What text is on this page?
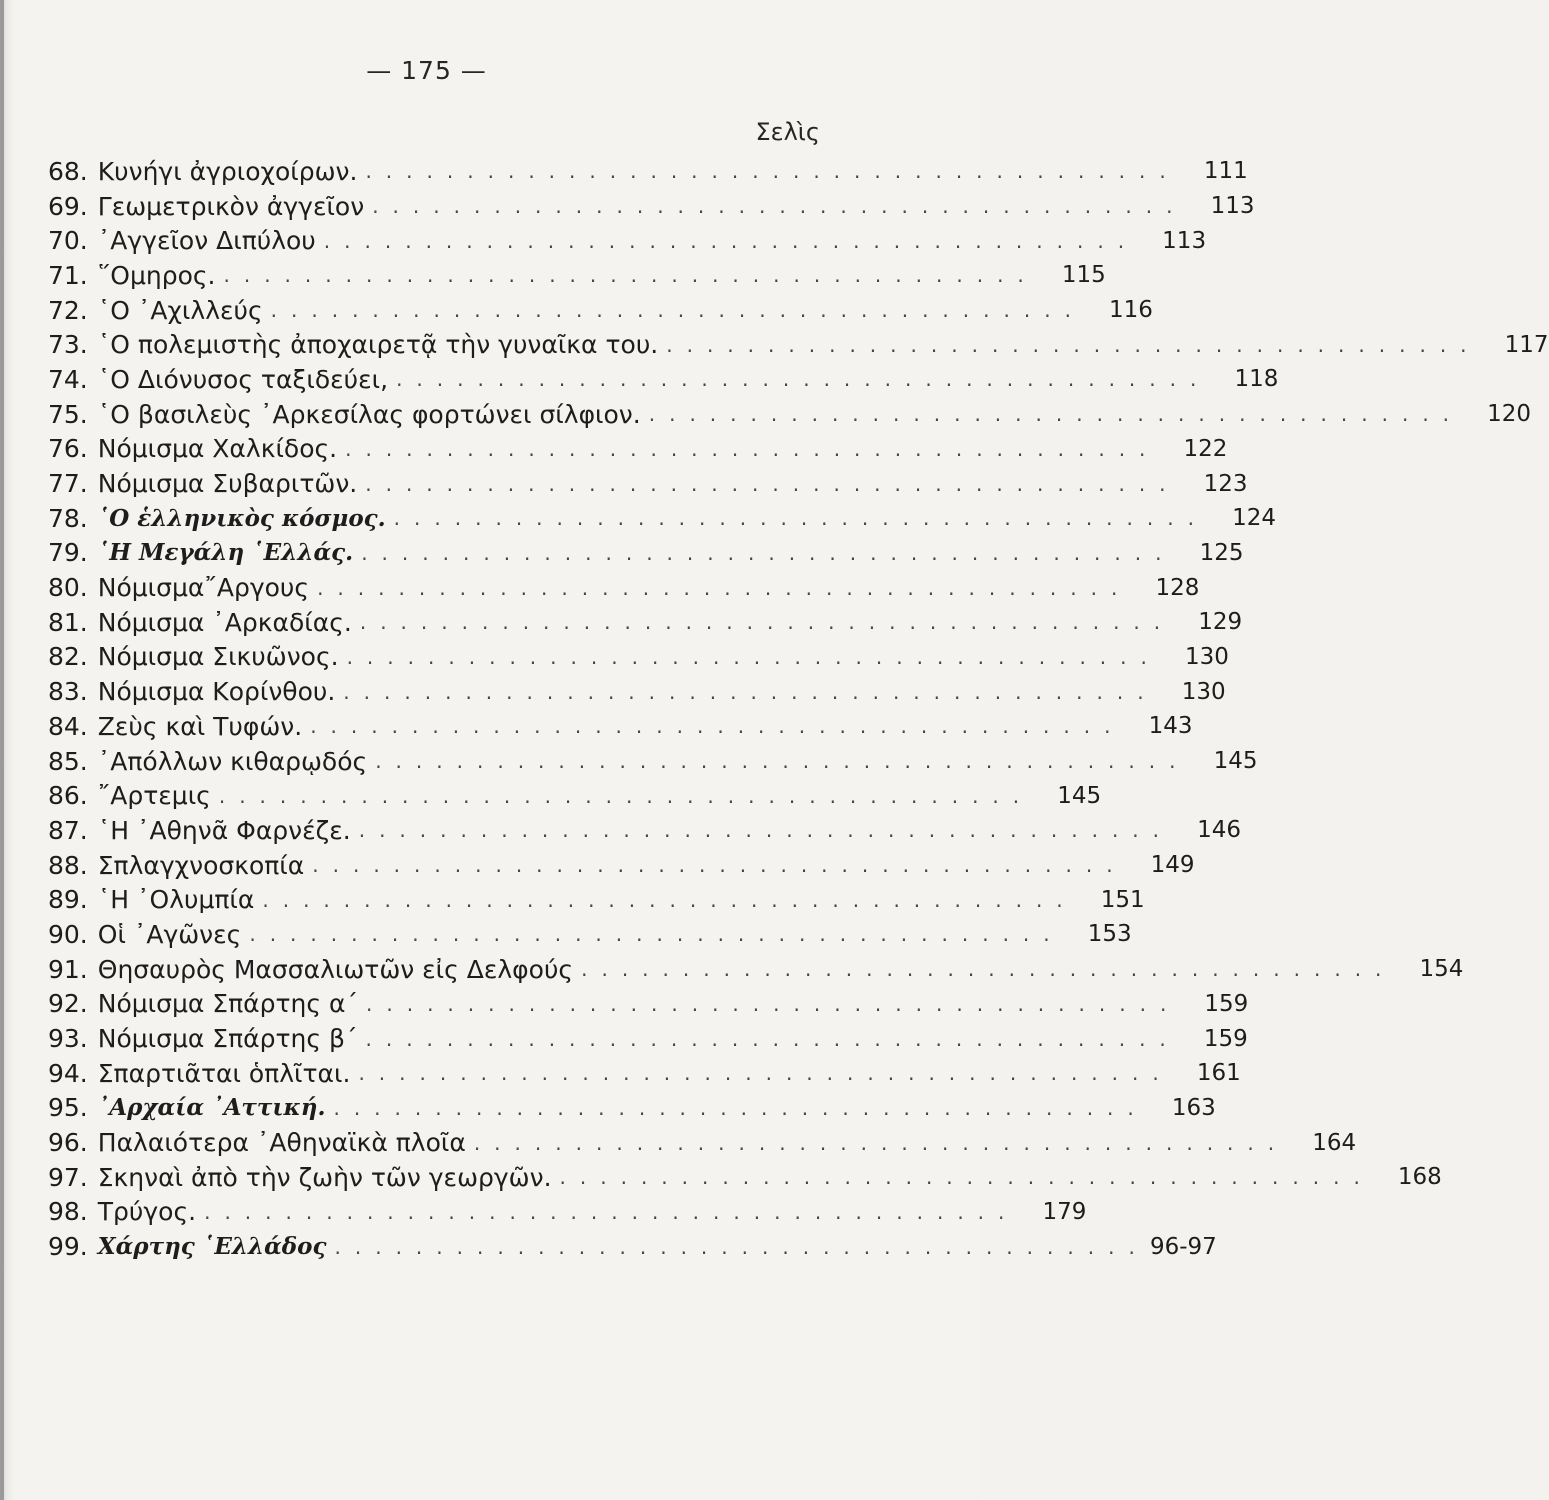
— 175 —
Σελὶς
68. Κυνήγι ἀγριοχοίρων. ........................................	111
69. Γεωμετρικὸν ἀγγεῖον ........................................	113
70. ᾿Αγγεῖον Διπύλου ........................................	113
71. ῞Ομηρος. ........................................	115
72. ῾Ο ᾿Αχιλλεύς ........................................	116
73. ῾Ο πολεμιστὴς ἀποχαιρετᾷ τὴν γυναῖκα του. ........................................	117
74. ῾Ο Διόνυσος ταξιδεύει, ........................................	118
75. ῾Ο βασιλεὺς ᾿Αρκεσίλας φορτώνει σίλφιον. ........................................	120
76. Νόμισμα Χαλκίδος. ........................................	122
77. Νόμισμα Συβαριτῶν. ........................................	123
78. ῾Ο ἑλληνικὸς κόσμος. ........................................	124
79. ῾Η Μεγάλη ῾Ελλάς. ........................................	125
80. Νόμισμα῎Αργους ........................................	128
81. Νόμισμα ᾿Αρκαδίας. ........................................	129
82. Νόμισμα Σικυῶνος. ........................................	130
83. Νόμισμα Κορίνθου. ........................................	130
84. Ζεὺς καὶ Τυφών. ........................................	143
85. ᾿Απόλλων κιθαρῳδός ........................................	145
86. ῎Αρτεμις ........................................	145
87. ῾Η ᾿Αθηνᾶ Φαρνέζε. ........................................	146
88. Σπλαγχνοσκοπία ........................................	149
89. ῾Η ᾿Ολυμπία ........................................	151
90. Οἱ ᾿Αγῶνες ........................................	153
91. Θησαυρὸς Μασσαλιωτῶν εἰς Δελφούς ........................................	154
92. Νόμισμα Σπάρτης α΄ ........................................	159
93. Νόμισμα Σπάρτης β΄ ........................................	159
94. Σπαρτιᾶται ὁπλῖται. ........................................	161
95. ᾿Αρχαία ᾿Αττική. ........................................	163
96. Παλαιότερα ᾿Αθηναϊκὰ πλοῖα ........................................	164
97. Σκηναὶ ἀπὸ τὴν ζωὴν τῶν γεωργῶν. ........................................	168
98. Τρύγος. ........................................	179
99. Χάρτης ῾Ελλάδος ........................................ 96-97
